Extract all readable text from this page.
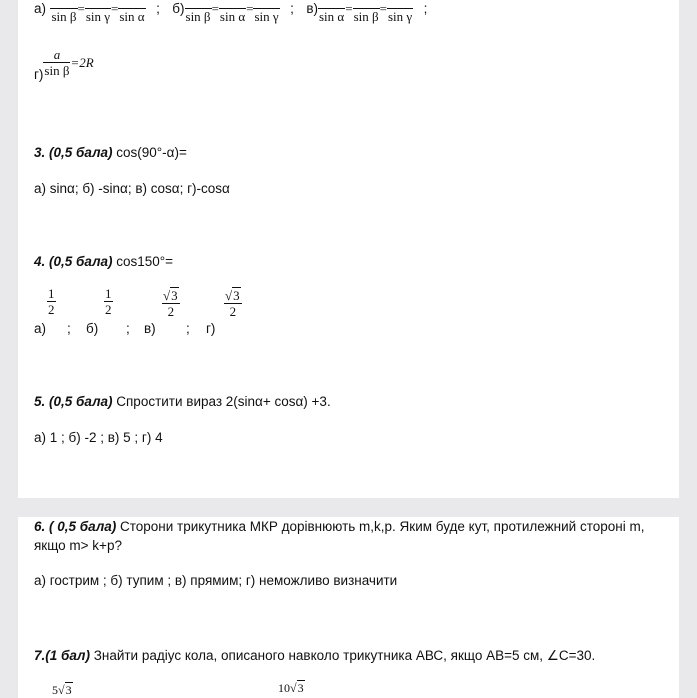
а)

sin β
=

sin γ
=

sin α
; б)

sin β
=

sin α
=

sin γ
; в)

sin α
=

sin β
=

sin γ
;
$_{г)} \frac{a}{\text{sin β}} =2R$
3. (0,5 бала) cos(90°-α)=
а) sinα; б) -sinα; в) cosα; г)-cosα
4. (0,5 бала) cos150°=
а)
$\frac{1}{2}$
; б)
$\frac{1}{2}$
; в)
$\frac{√3}{2}$
; г)
$\frac{√3}{2}$
5. (0,5 бала) Спростити вираз 2(sinα+ cosα) +3.
а) 1 ; б) -2 ; в) 5 ; г) 4
6. ( 0,5 бала) Сторони трикутника МКР дорівнюють m,k,p. Яким буде кут, протилежний стороні m, якщо m> k+p?
а) гострим ; б) тупим ; в) прямим; г) неможливо визначити
7.(1 бал) Знайти радіус кола, описаного навколо трикутника АВС, якщо АВ=5 см, ∠С=30.
5√3	10√3
